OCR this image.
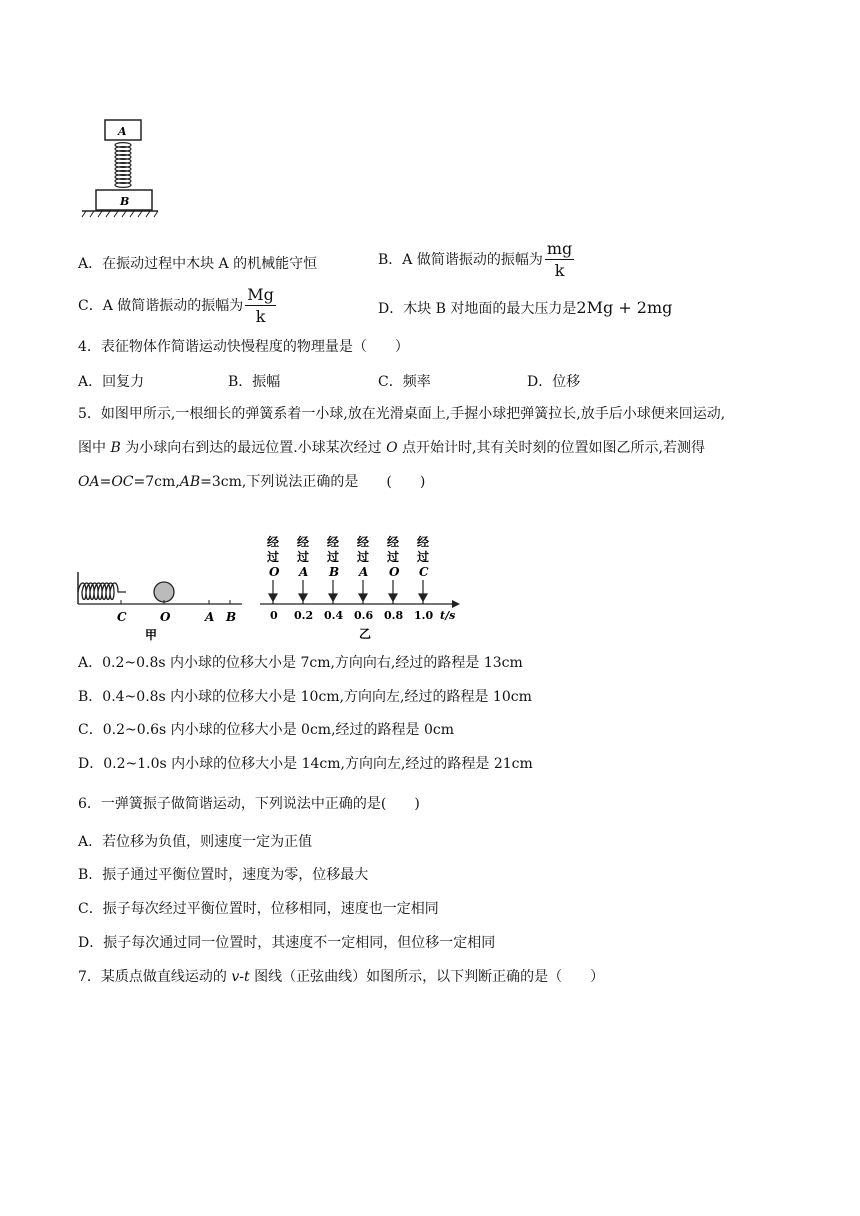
A
B
A．在振动过程中木块 A 的机械能守恒	B．A 做简谐振动的振幅为 $\frac{mg}{k}$
C．A 做简谐振动的振幅为 $\frac{Mg}{k}$	D．木块 B 对地面的最大压力是2Mg + 2mg
4．表征物体作简谐运动快慢程度的物理量是（　　）
A．回复力	B．振幅	C．频率	D．位移
5．如图甲所示,一根细长的弹簧系着一小球,放在光滑桌面上,手握小球把弹簧拉长,放手后小球便来回运动,
图中 B 为小球向右到达的最远位置.小球某次经过 O 点开始计时,其有关时刻的位置如图乙所示,若测得
OA=OC=7cm,AB=3cm,下列说法正确的是　　(　　)
C	O	A B
甲
经 经 经 经 经 经
过 过 过 过 过 过
O A B A O C
0 0.2 0.4 0.6 0.8 1.0 t/s
乙
A．0.2~0.8s 内小球的位移大小是 7cm,方向向右,经过的路程是 13cm
B．0.4~0.8s 内小球的位移大小是 10cm,方向向左,经过的路程是 10cm
C．0.2~0.6s 内小球的位移大小是 0cm,经过的路程是 0cm
D．0.2~1.0s 内小球的位移大小是 14cm,方向向左,经过的路程是 21cm
6．一弹簧振子做简谐运动，下列说法中正确的是(　　)
A．若位移为负值，则速度一定为正值
B．振子通过平衡位置时，速度为零，位移最大
C．振子每次经过平衡位置时，位移相同，速度也一定相同
D．振子每次通过同一位置时，其速度不一定相同，但位移一定相同
7．某质点做直线运动的 v-t 图线（正弦曲线）如图所示，以下判断正确的是（　　）
